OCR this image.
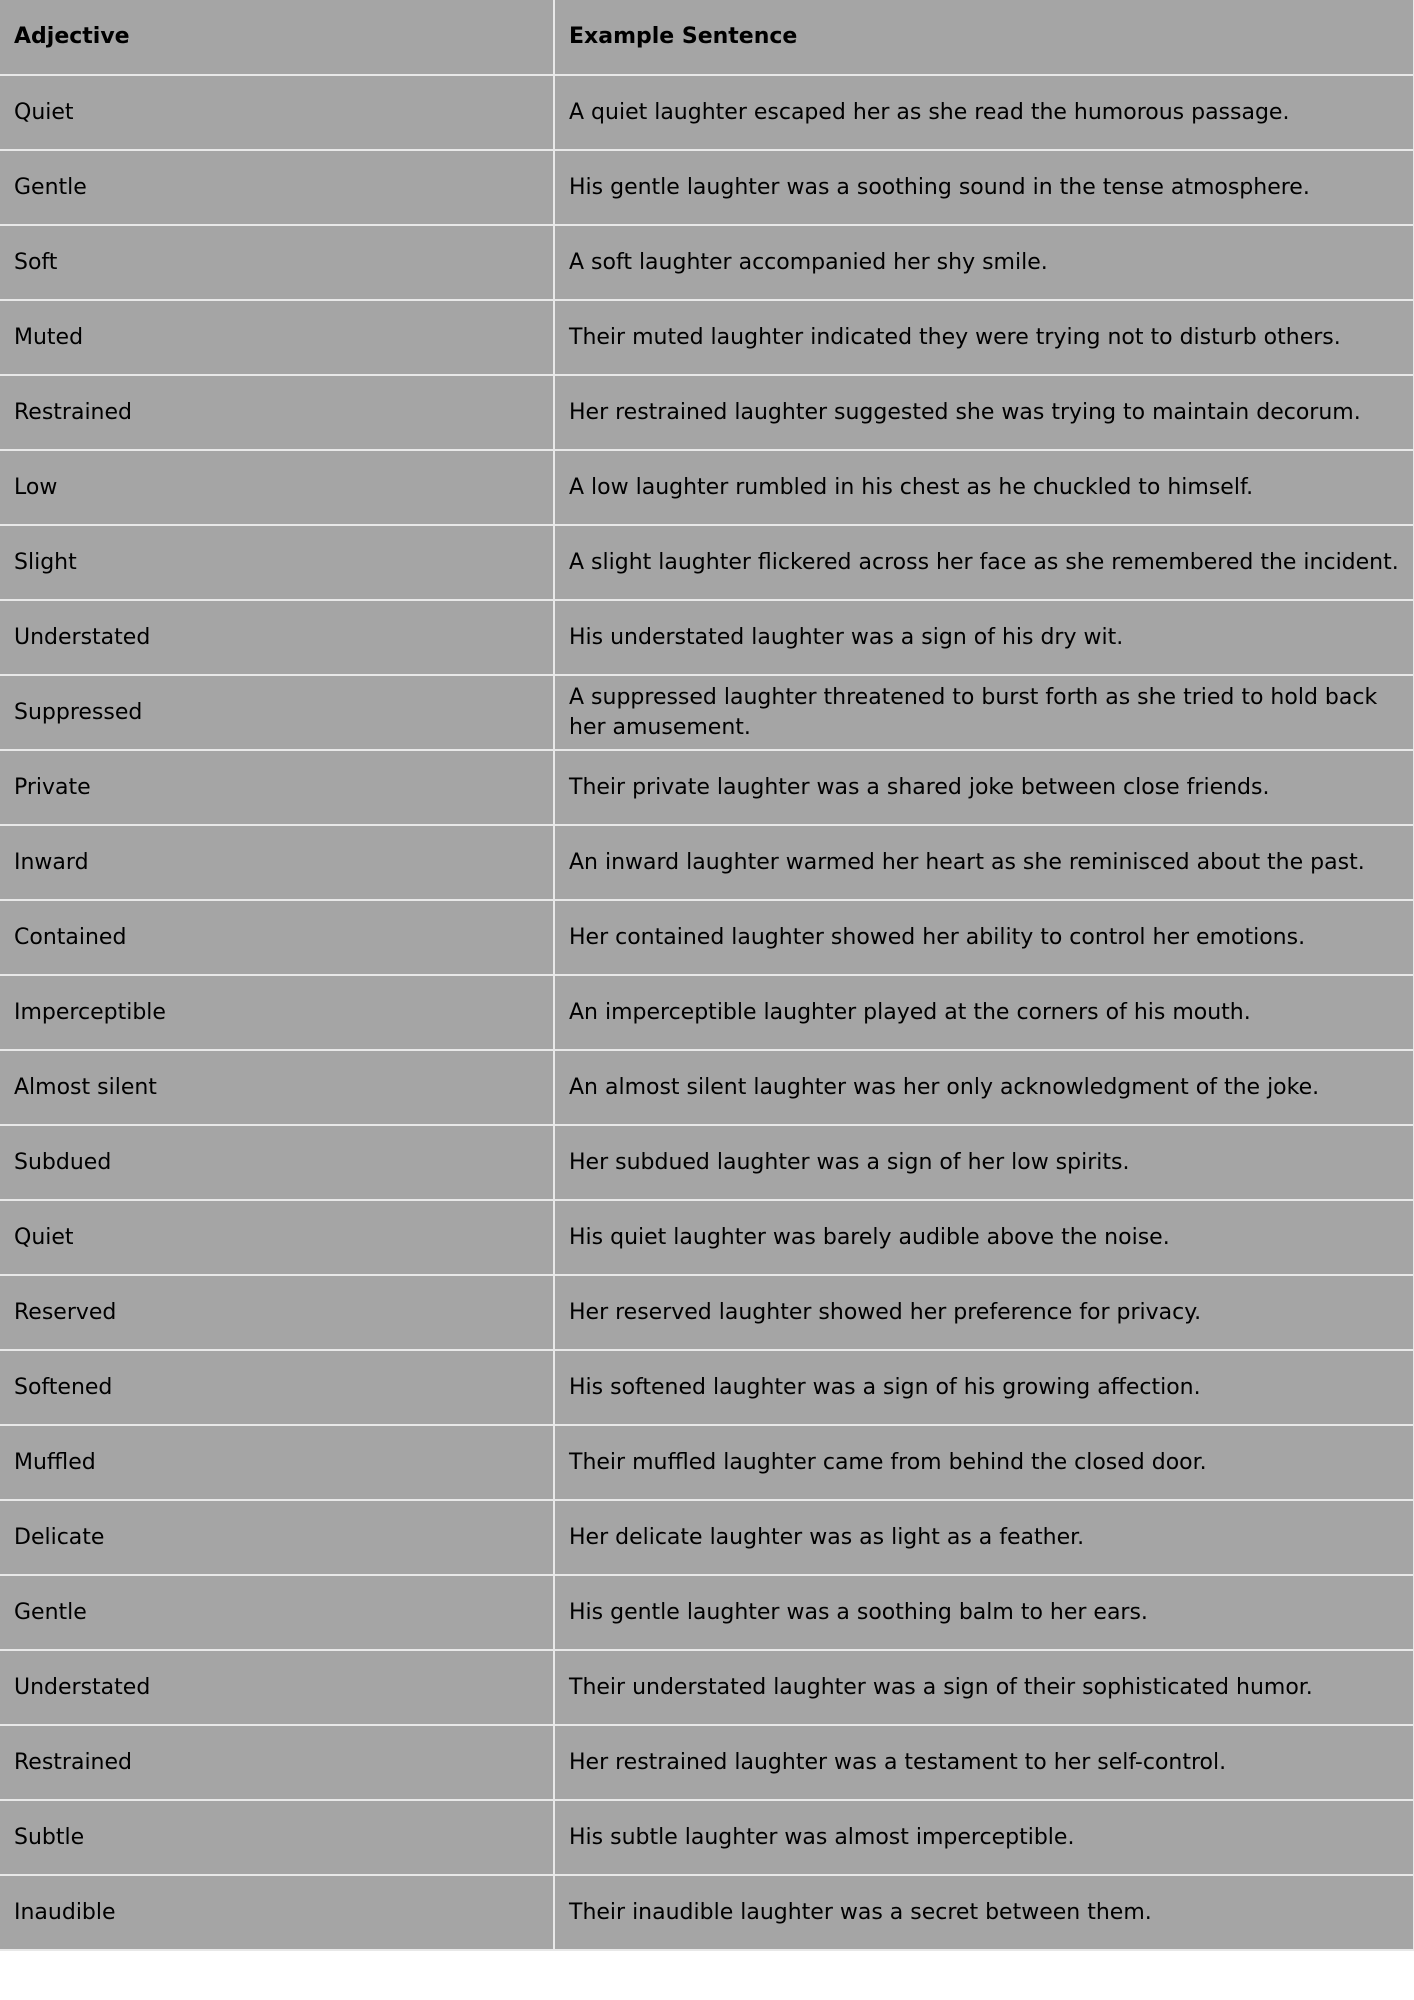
Adjective	Example Sentence
Quiet	A quiet laughter escaped her as she read the humorous passage.
Gentle	His gentle laughter was a soothing sound in the tense atmosphere.
Soft	A soft laughter accompanied her shy smile.
Muted	Their muted laughter indicated they were trying not to disturb others.
Restrained	Her restrained laughter suggested she was trying to maintain decorum.
Low	A low laughter rumbled in his chest as he chuckled to himself.
Slight	A slight laughter flickered across her face as she remembered the incident.
Understated	His understated laughter was a sign of his dry wit.
Suppressed	A suppressed laughter threatened to burst forth as she tried to hold back her amusement.
Private	Their private laughter was a shared joke between close friends.
Inward	An inward laughter warmed her heart as she reminisced about the past.
Contained	Her contained laughter showed her ability to control her emotions.
Imperceptible	An imperceptible laughter played at the corners of his mouth.
Almost silent	An almost silent laughter was her only acknowledgment of the joke.
Subdued	Her subdued laughter was a sign of her low spirits.
Quiet	His quiet laughter was barely audible above the noise.
Reserved	Her reserved laughter showed her preference for privacy.
Softened	His softened laughter was a sign of his growing affection.
Muffled	Their muffled laughter came from behind the closed door.
Delicate	Her delicate laughter was as light as a feather.
Gentle	His gentle laughter was a soothing balm to her ears.
Understated	Their understated laughter was a sign of their sophisticated humor.
Restrained	Her restrained laughter was a testament to her self-control.
Subtle	His subtle laughter was almost imperceptible.
Inaudible	Their inaudible laughter was a secret between them.
